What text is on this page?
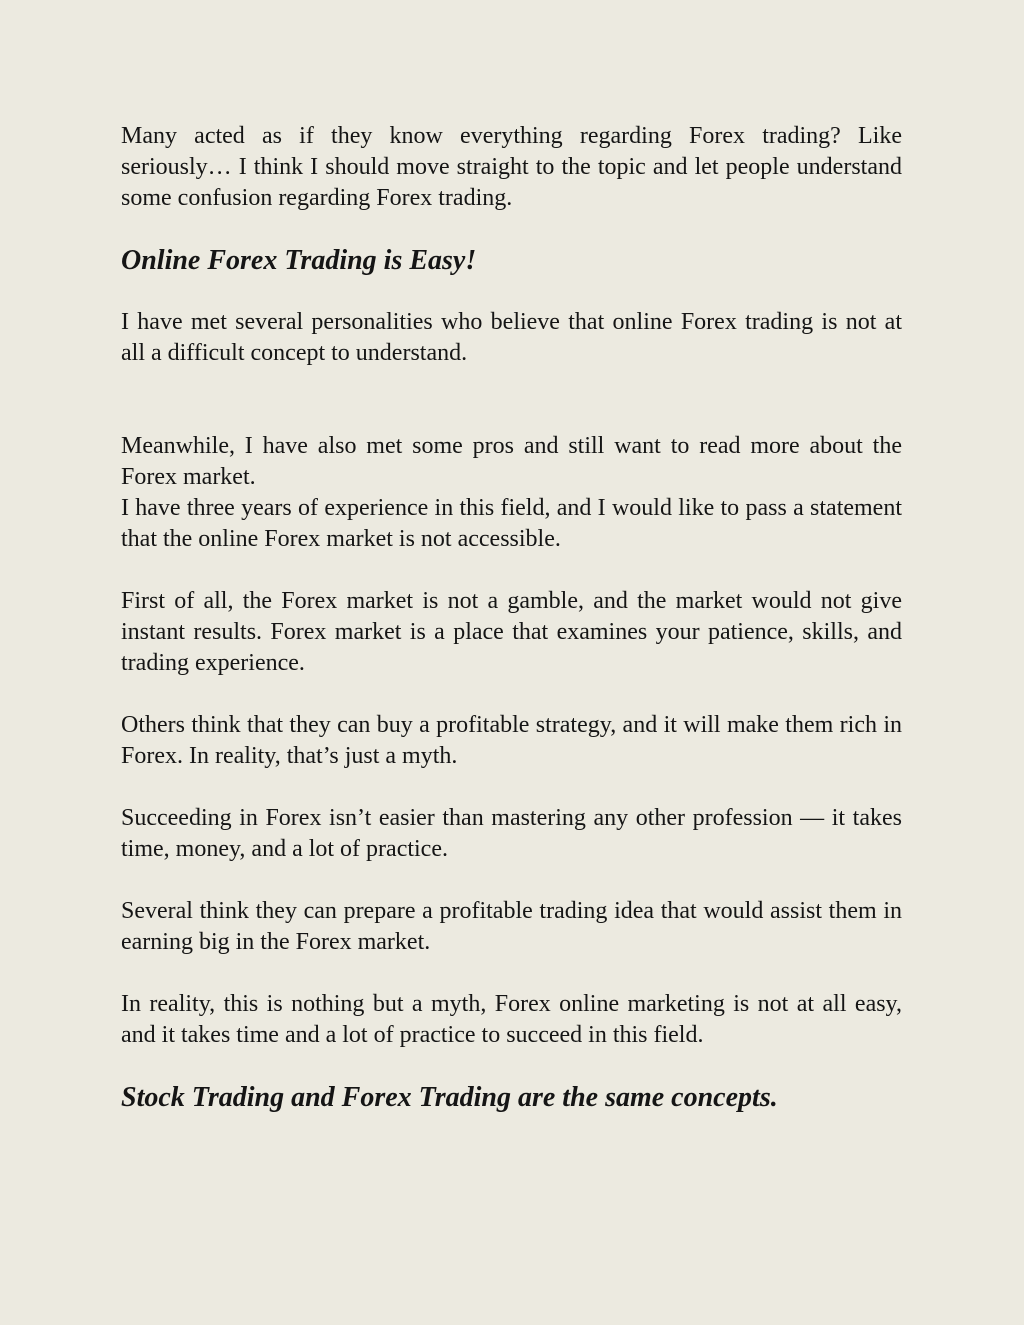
Many acted as if they know everything regarding Forex trading? Like seriously… I think I should move straight to the topic and let people understand some confusion regarding Forex trading.

Online Forex Trading is Easy!

I have met several personalities who believe that online Forex trading is not at all a difficult concept to understand.

Meanwhile, I have also met some pros and still want to read more about the Forex market.

I have three years of experience in this field, and I would like to pass a statement that the online Forex market is not accessible.

First of all, the Forex market is not a gamble, and the market would not give instant results. Forex market is a place that examines your patience, skills, and trading experience.

Others think that they can buy a profitable strategy, and it will make them rich in Forex. In reality, that’s just a myth.

Succeeding in Forex isn’t easier than mastering any other profession — it takes time, money, and a lot of practice.

Several think they can prepare a profitable trading idea that would assist them in earning big in the Forex market.

In reality, this is nothing but a myth, Forex online marketing is not at all easy, and it takes time and a lot of practice to succeed in this field.

Stock Trading and Forex Trading are the same concepts.
